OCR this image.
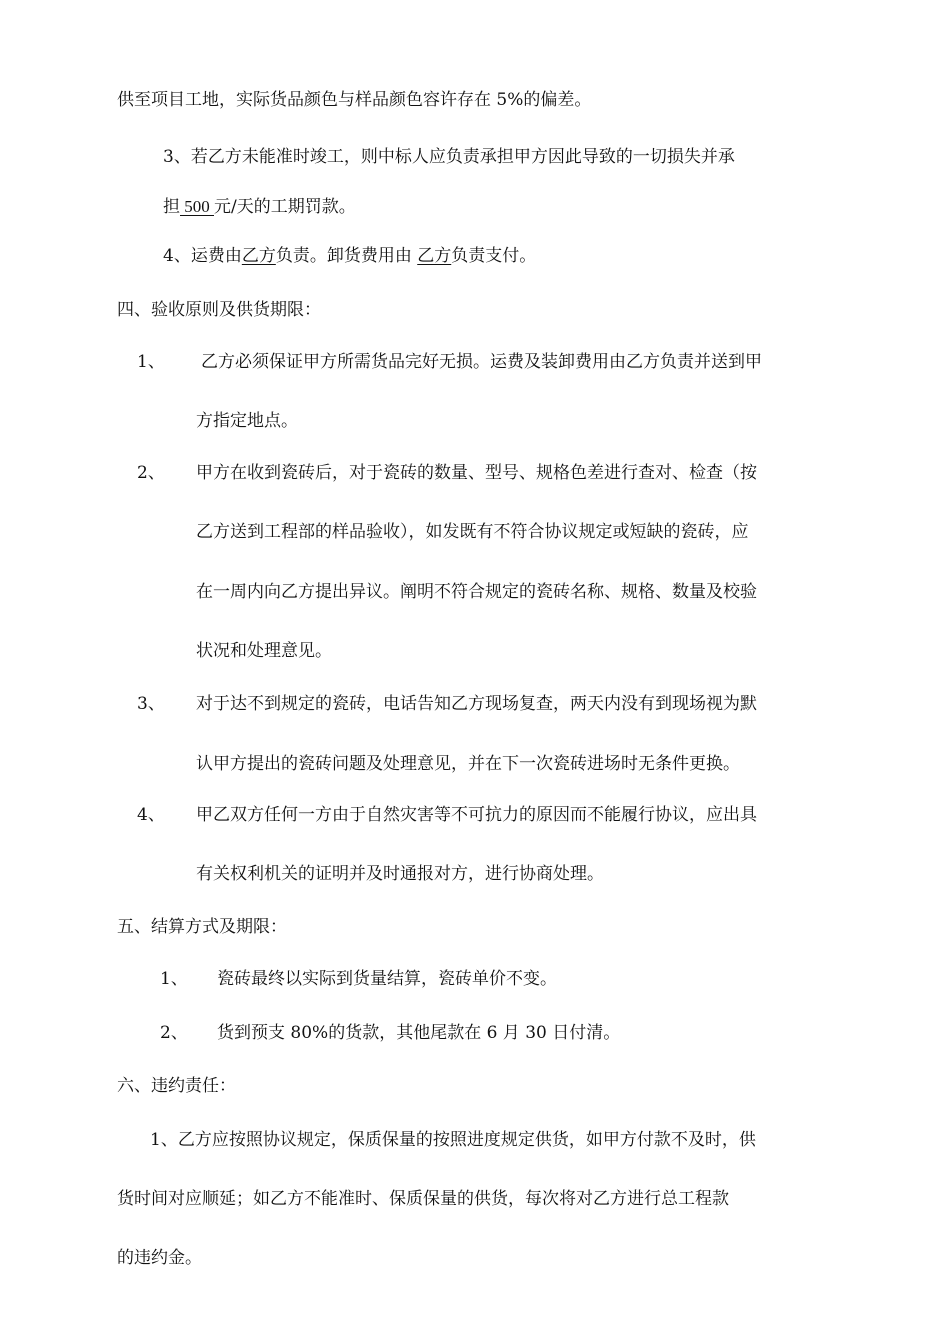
供至项目工地，实际货品颜色与样品颜色容许存在 5%的偏差。
3、若乙方未能准时竣工，则中标人应负责承担甲方因此导致的一切损失并承
担 500 元/天的工期罚款。
4、运费由乙方负责。卸货费用由 乙方负责支付。
四、验收原则及供货期限：
1、 乙方必须保证甲方所需货品完好无损。运费及装卸费用由乙方负责并送到甲
方指定地点。
2、 甲方在收到瓷砖后，对于瓷砖的数量、型号、规格色差进行查对、检查（按
乙方送到工程部的样品验收），如发既有不符合协议规定或短缺的瓷砖，应
在一周内向乙方提出异议。阐明不符合规定的瓷砖名称、规格、数量及校验
状况和处理意见。
3、 对于达不到规定的瓷砖，电话告知乙方现场复查，两天内没有到现场视为默
认甲方提出的瓷砖问题及处理意见，并在下一次瓷砖进场时无条件更换。
4、 甲乙双方任何一方由于自然灾害等不可抗力的原因而不能履行协议，应出具
有关权利机关的证明并及时通报对方，进行协商处理。
五、结算方式及期限：
1、 瓷砖最终以实际到货量结算，瓷砖单价不变。
2、 货到预支 80%的货款，其他尾款在 6 月 30 日付清。
六、违约责任：
1、乙方应按照协议规定，保质保量的按照进度规定供货，如甲方付款不及时，供
货时间对应顺延；如乙方不能准时、保质保量的供货，每次将对乙方进行总工程款
的违约金。
